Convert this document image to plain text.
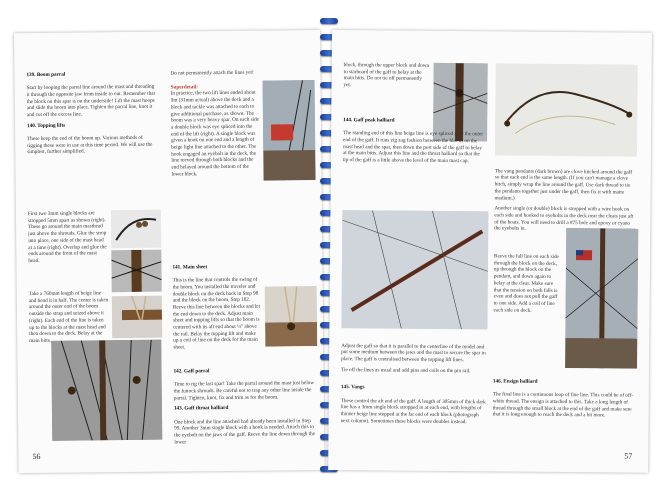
139. Boom parral

Start by looping the parral line around the mast and threading it through the opposite jaw from inside to out. Remember that the block on this spar is on the underside! Lift the mast hoops and slide the boom into place. Tighten the parral line, knot it and cut off the excess line.

140. Topping lifts

These keep the end of the boom up. Various methods of rigging these were in use at this time period. We will use the simplest, further simplified.

First two 3mm single blocks are stropped 5mm apart as shown (right). These go around the main masthead just above the shrouds. Glue the strop into place, one side of the mast head at a time (right). Overlap and glue the ends around the front of the mast head.
Take a 760mm length of beige line and bend it in half. The center is taken around the outer end of the boom outside the strap and seized above it (right). Each end of the line is taken up to the blocks at the mast head and then down to the deck. Belay at the main bitts.

Do not permanently attach the lines yet!

Superdetail:
In practice, the two lift lines ended about 9m (31mm actual) above the deck and a block and tackle was attached to each to give additional purchase, as shown. The boom was a very heavy spar. On each side a double block was eye spliced into the end of the lift (right). A single block was given a hook on one end and a length of beige light line attached to the other. The hook engaged an eyebolt in the deck, the line reeved through both blocks and the end belayed around the bottom of the lower block.

141. Main sheet

This is the line that controls the swing of the boom. You installed the traveler and double block on the deck back in Step 98 and the block on the boom, Step 102. Reeve this line between the blocks and let the end down to the deck. Adjust main sheet and topping lifts so that the boom is centered with its aft end about ½" above the rail. Belay the topping lift and make up a coil of line on the deck for the main sheet.

142. Gaff parral

Time to rig the last spar! Take the parral around the mast just below the futtock shrouds. Be careful not to trap any other line inside the parral. Tighten, knot, fix and trim as for the boom.

143. Gaff throat halliard

One block and the line attached had already been installed in Step 99. Another 3mm single block with a hook is needed. Attach this to the eyebolt on the jaws of the gaff. Reeve the line down through the lower

56
block, through the upper block and down to starboard of the gaff to belay at the main bitts. Do not tie off permanently yet.

144. Gaff peak halliard

The standing end of this line beige line is eye spliced near the outer end of the gaff. It runs zig zag fashion between the blocks on the mast head and the spar, then down the port side of the gaff to belay at the main bitts. Adjust this line and the throat halliard so that the tip of the gaff is a little above the level of the main mast cap.

Adjust the gaff so that it is parallel to the centerline of the model and put some medium between the jaws and the mast to secure the spar in place. The gaff is centralised between the topping lift lines.

Tie off the lines as usual and add pins and coils on the pin rail.

145. Vangs

These control the aft end of the gaff. A length of 305mm of thick dark line has a 3mm single block stropped in at each end, with lengths of thinner beige line stopped at the far end of each block (photograph next column). Sometimes these blocks were doubles instead.

The vang pendants (dark brown) are clove hitched around the gaff so that each end is the same length. (If you can't manage a clove hitch, simply wrap the line around the gaff. Use dark thread to tie the pendants together just under the gaff, then fix it with matte medium.)

Another single (or double) block is stropped with a wire hook on each side and hooked to eyebolts in the deck near the cleats just aft of the boats. You will need to drill a #75 hole and epoxy or cyano the eyebolts in.

Reeve the fall line on each side through the block on the deck, up through the block on the pendant, and down again to belay at the cleat. Make sure that the tension on both falls is even and does not pull the gaff to one side. Add a coil of line each side on deck.

146. Ensign halliard

The final line is a continuous loop of fine line. This could be of off-white thread. The ensign is attached to this. Take a long length of thread through the small block at the end of the gaff and make sure that it is long enough to reach the deck and a bit more.

57
